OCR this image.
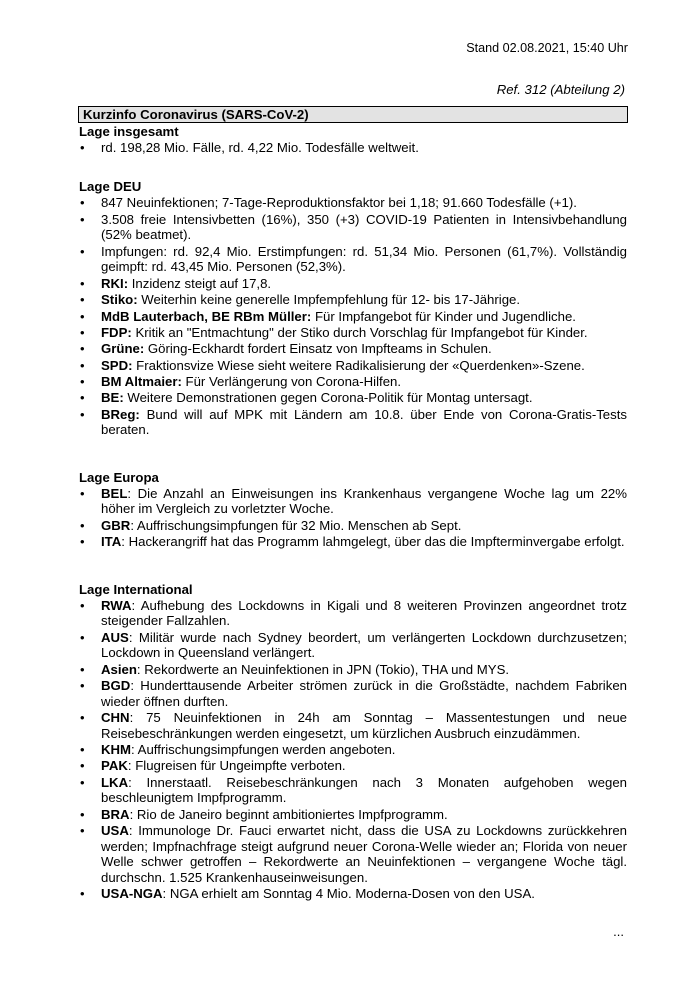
Stand 02.08.2021, 15:40 Uhr
Ref. 312 (Abteilung 2)
Kurzinfo Coronavirus (SARS-CoV-2)
Lage insgesamt
• rd. 198,28 Mio. Fälle, rd. 4,22 Mio. Todesfälle weltweit.
Lage DEU
• 847 Neuinfektionen; 7-Tage-Reproduktionsfaktor bei 1,18; 91.660 Todesfälle (+1).
• 3.508 freie Intensivbetten (16%), 350 (+3) COVID-19 Patienten in Intensivbehandlung (52% beatmet).
• Impfungen: rd. 92,4 Mio. Erstimpfungen: rd. 51,34 Mio. Personen (61,7%). Vollständig geimpft: rd. 43,45 Mio. Personen (52,3%).
• RKI: Inzidenz steigt auf 17,8.
• Stiko: Weiterhin keine generelle Impfempfehlung für 12- bis 17-Jährige.
• MdB Lauterbach, BE RBm Müller: Für Impfangebot für Kinder und Jugendliche.
• FDP: Kritik an "Entmachtung" der Stiko durch Vorschlag für Impfangebot für Kinder.
• Grüne: Göring-Eckhardt fordert Einsatz von Impfteams in Schulen.
• SPD: Fraktionsvize Wiese sieht weitere Radikalisierung der «Querdenken»-Szene.
• BM Altmaier: Für Verlängerung von Corona-Hilfen.
• BE: Weitere Demonstrationen gegen Corona-Politik für Montag untersagt.
• BReg: Bund will auf MPK mit Ländern am 10.8. über Ende von Corona-Gratis-Tests beraten.
Lage Europa
• BEL: Die Anzahl an Einweisungen ins Krankenhaus vergangene Woche lag um 22% höher im Vergleich zu vorletzter Woche.
• GBR: Auffrischungsimpfungen für 32 Mio. Menschen ab Sept.
• ITA: Hackerangriff hat das Programm lahmgelegt, über das die Impfterminvergabe erfolgt.
Lage International
• RWA: Aufhebung des Lockdowns in Kigali und 8 weiteren Provinzen angeordnet trotz steigender Fallzahlen.
• AUS: Militär wurde nach Sydney beordert, um verlängerten Lockdown durchzusetzen; Lockdown in Queensland verlängert.
• Asien: Rekordwerte an Neuinfektionen in JPN (Tokio), THA und MYS.
• BGD: Hunderttausende Arbeiter strömen zurück in die Großstädte, nachdem Fabriken wieder öffnen durften.
• CHN: 75 Neuinfektionen in 24h am Sonntag – Massentestungen und neue Reisebeschränkungen werden eingesetzt, um kürzlichen Ausbruch einzudämmen.
• KHM: Auffrischungsimpfungen werden angeboten.
• PAK: Flugreisen für Ungeimpfte verboten.
• LKA: Innerstaatl. Reisebeschränkungen nach 3 Monaten aufgehoben wegen beschleunigtem Impfprogramm.
• BRA: Rio de Janeiro beginnt ambitioniertes Impfprogramm.
• USA: Immunologe Dr. Fauci erwartet nicht, dass die USA zu Lockdowns zurückkehren werden; Impfnachfrage steigt aufgrund neuer Corona-Welle wieder an; Florida von neuer Welle schwer getroffen – Rekordwerte an Neuinfektionen – vergangene Woche tägl. durchschn. 1.525 Krankenhauseinweisungen.
• USA-NGA: NGA erhielt am Sonntag 4 Mio. Moderna-Dosen von den USA.
...
